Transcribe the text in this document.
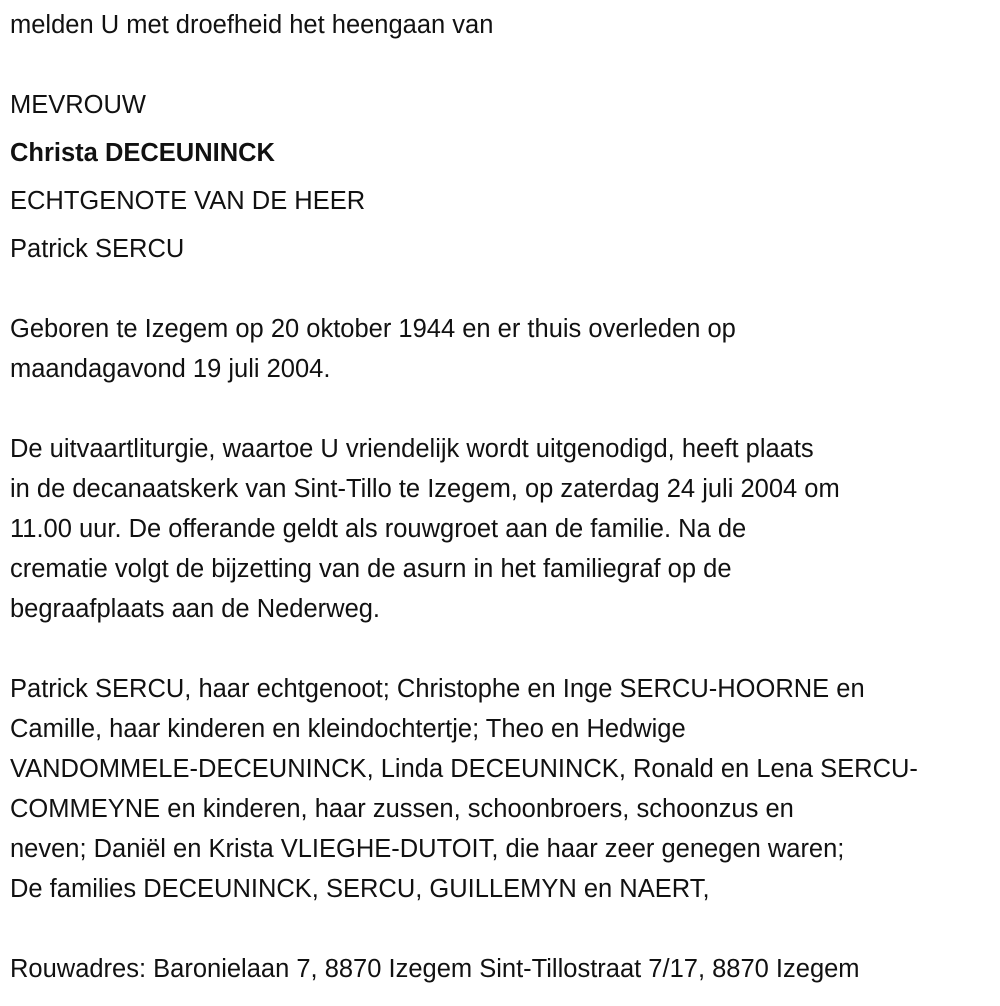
melden U met droefheid het heengaan van
MEVROUW
Christa DECEUNINCK
ECHTGENOTE VAN DE HEER
Patrick SERCU
Geboren te Izegem op 20 oktober 1944 en er thuis overleden op
maandagavond 19 juli 2004.
De uitvaartliturgie, waartoe U vriendelijk wordt uitgenodigd, heeft plaats
in de decanaatskerk van Sint-Tillo te Izegem, op zaterdag 24 juli 2004 om
11.00 uur. De offerande geldt als rouwgroet aan de familie. Na de
crematie volgt de bijzetting van de asurn in het familiegraf op de
begraafplaats aan de Nederweg.
Patrick SERCU, haar echtgenoot; Christophe en Inge SERCU-HOORNE en
Camille, haar kinderen en kleindochtertje; Theo en Hedwige
VANDOMMELE-DECEUNINCK, Linda DECEUNINCK, Ronald en Lena SERCU-
COMMEYNE en kinderen, haar zussen, schoonbroers, schoonzus en
neven; Daniël en Krista VLIEGHE-DUTOIT, die haar zeer genegen waren;
De families DECEUNINCK, SERCU, GUILLEMYN en NAERT,
Rouwadres: Baronielaan 7, 8870 Izegem Sint-Tillostraat 7/17, 8870 Izegem
